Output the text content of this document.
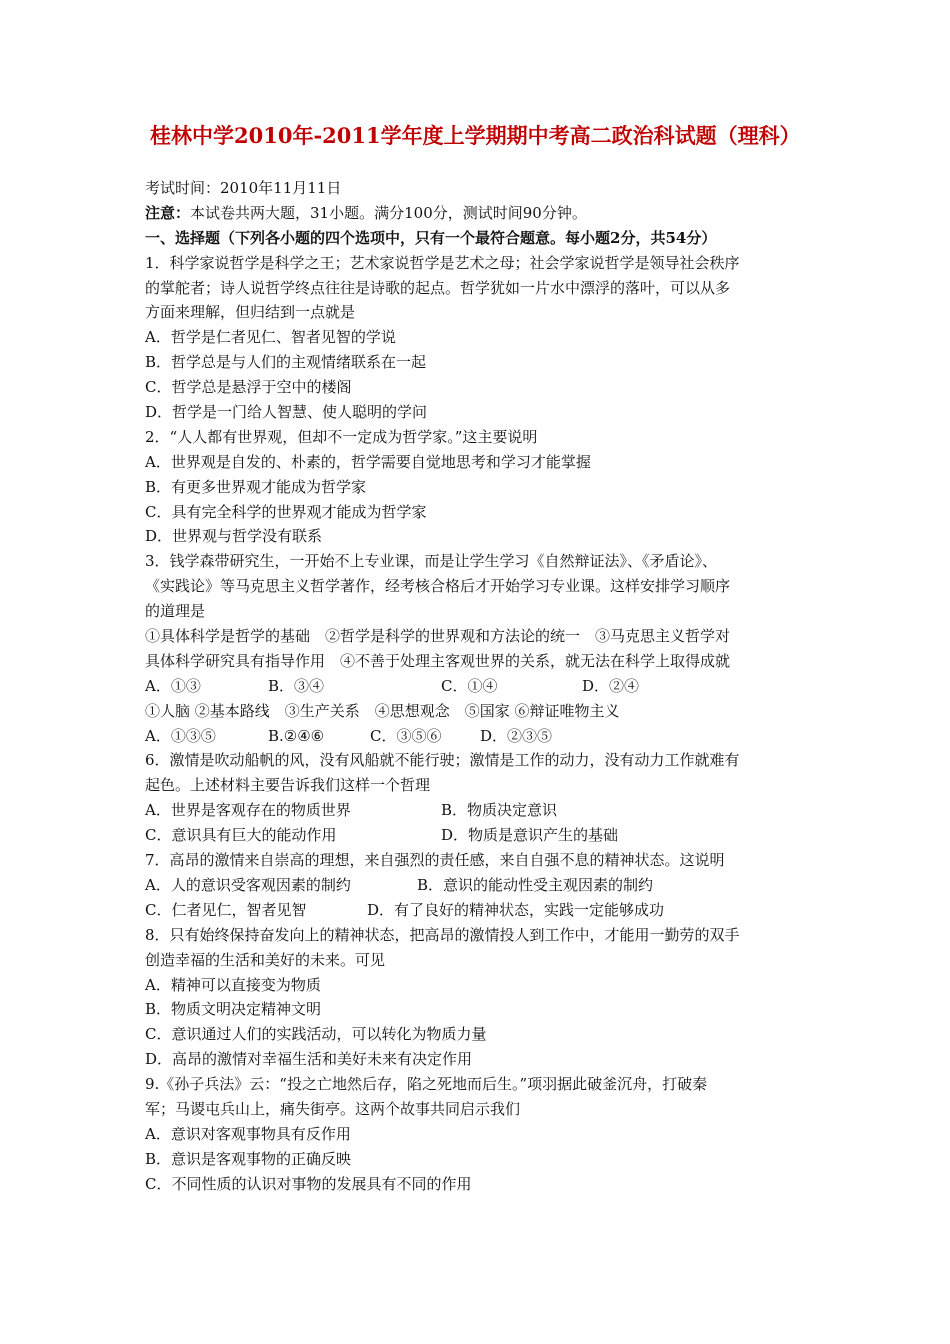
桂林中学2010年-2011学年度上学期期中考高二政治科试题（理科）
考试时间：2010年11月11日
注意：本试卷共两大题，31小题。满分100分，测试时间90分钟。
一、选择题（下列各小题的四个选项中，只有一个最符合题意。每小题2分，共54分）
1．科学家说哲学是科学之王；艺术家说哲学是艺术之母；社会学家说哲学是领导社会秩序
的掌舵者；诗人说哲学终点往往是诗歌的起点。哲学犹如一片水中漂浮的落叶，可以从多
方面来理解，但归结到一点就是
A．哲学是仁者见仁、智者见智的学说
B．哲学总是与人们的主观情绪联系在一起
C．哲学总是悬浮于空中的楼阁
D．哲学是一门给人智慧、使人聪明的学问
2．“人人都有世界观，但却不一定成为哲学家。”这主要说明
A．世界观是自发的、朴素的，哲学需要自觉地思考和学习才能掌握
B．有更多世界观才能成为哲学家
C．具有完全科学的世界观才能成为哲学家
D．世界观与哲学没有联系
3．钱学森带研究生，一开始不上专业课，而是让学生学习《自然辩证法》、《矛盾论》、
《实践论》等马克思主义哲学著作，经考核合格后才开始学习专业课。这样安排学习顺序
的道理是
①具体科学是哲学的基础　②哲学是科学的世界观和方法论的统一　③马克思主义哲学对
具体科学研究具有指导作用　④不善于处理主客观世界的关系，就无法在科学上取得成就
A．①③	B．③④	C．①④	D．②④
①人脑 ②基本路线　③生产关系　④思想观念　⑤国家 ⑥辩证唯物主义
A．①③⑤	B.②④⑥	C．③⑤⑥	D．②③⑤
6．激情是吹动船帆的风，没有风船就不能行驶；激情是工作的动力，没有动力工作就难有
起色。上述材料主要告诉我们这样一个哲理
A．世界是客观存在的物质世界	B．物质决定意识
C．意识具有巨大的能动作用	D．物质是意识产生的基础
7．高昂的激情来自崇高的理想，来自强烈的责任感，来自自强不息的精神状态。这说明
A．人的意识受客观因素的制约	B．意识的能动性受主观因素的制约
C．仁者见仁，智者见智	D．有了良好的精神状态，实践一定能够成功
8．只有始终保持奋发向上的精神状态，把高昂的激情投人到工作中，才能用一勤劳的双手
创造幸福的生活和美好的未来。可见
A．精神可以直接变为物质
B．物质文明决定精神文明
C．意识通过人们的实践活动，可以转化为物质力量
D．高昂的激情对幸福生活和美好未来有决定作用
9.《孙子兵法》云：“投之亡地然后存，陷之死地而后生。”项羽据此破釜沉舟，打破秦
军；马谡屯兵山上，痛失街亭。这两个故事共同启示我们
A．意识对客观事物具有反作用
B．意识是客观事物的正确反映
C．不同性质的认识对事物的发展具有不同的作用
